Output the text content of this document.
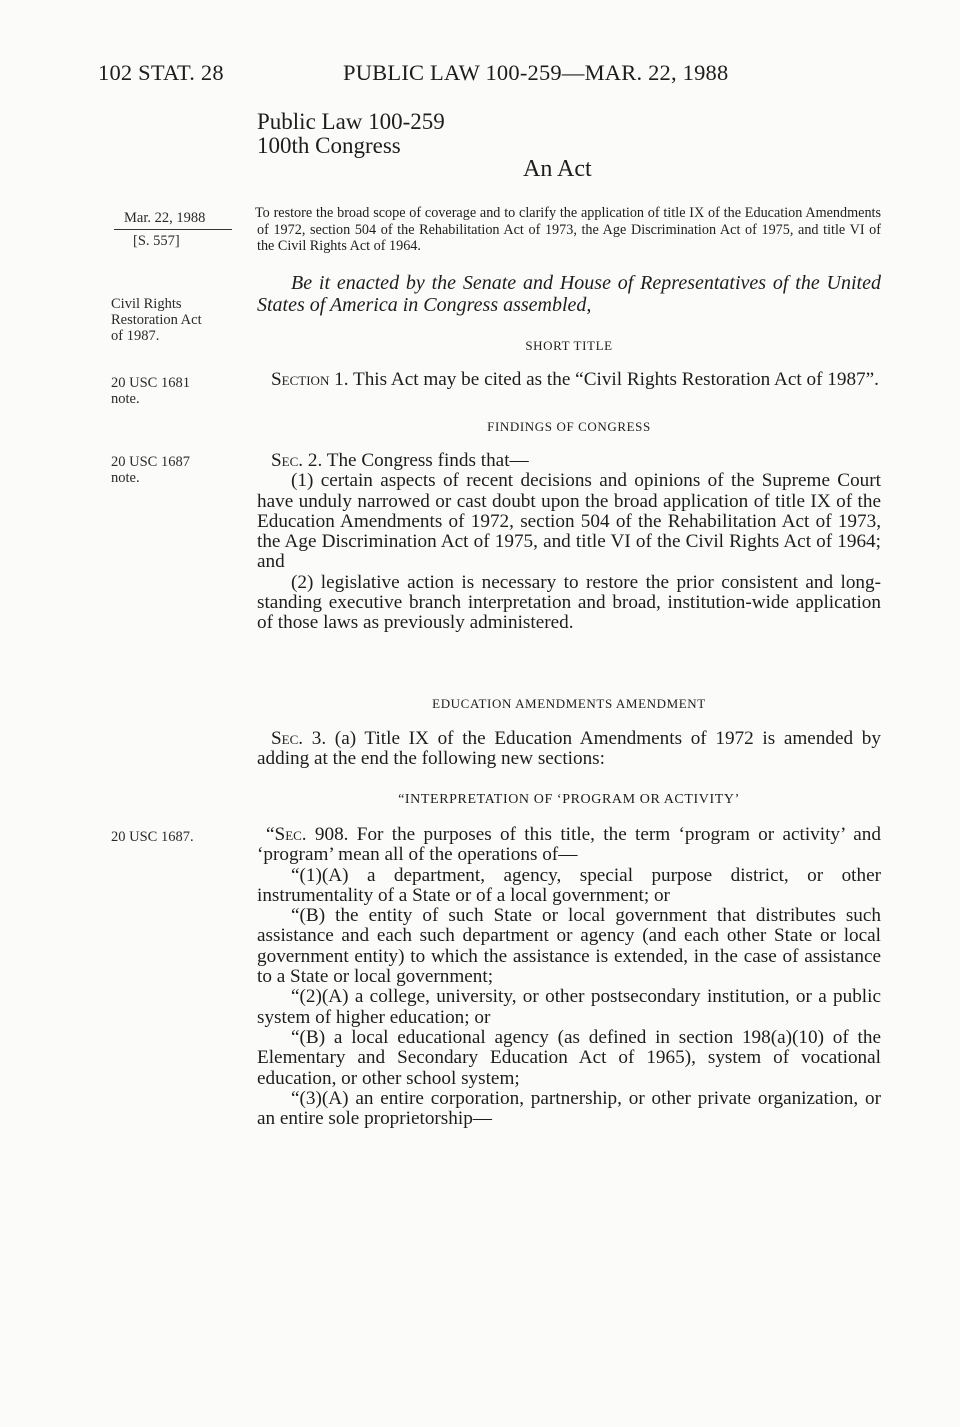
102 STAT. 28	PUBLIC LAW 100-259—MAR. 22, 1988
Public Law 100-259
100th Congress
An Act
Mar. 22, 1988
[S. 557]
To restore the broad scope of coverage and to clarify the application of title IX of the Education Amendments of 1972, section 504 of the Rehabilitation Act of 1973, the Age Discrimination Act of 1975, and title VI of the Civil Rights Act of 1964.
Civil Rights
Restoration Act
of 1987.

Be it enacted by the Senate and House of Representatives of the United States of America in Congress assembled,

SHORT TITLE
20 USC 1681
note.

Section 1. This Act may be cited as the “Civil Rights Restoration Act of 1987”.

FINDINGS OF CONGRESS
20 USC 1687
note.

Sec. 2. The Congress finds that—

(1) certain aspects of recent decisions and opinions of the Supreme Court have unduly narrowed or cast doubt upon the broad application of title IX of the Education Amendments of 1972, section 504 of the Rehabilitation Act of 1973, the Age Discrimination Act of 1975, and title VI of the Civil Rights Act of 1964; and

(2) legislative action is necessary to restore the prior consistent and long-standing executive branch interpretation and broad, institution-wide application of those laws as previously administered.

EDUCATION AMENDMENTS AMENDMENT

Sec. 3. (a) Title IX of the Education Amendments of 1972 is amended by adding at the end the following new sections:

“INTERPRETATION OF ‘PROGRAM OR ACTIVITY’
20 USC 1687.	“Sec. 908. For the purposes of this title, the term ‘program or activity’ and ‘program’ mean all of the operations of—

“(1)(A) a department, agency, special purpose district, or other instrumentality of a State or of a local government; or

“(B) the entity of such State or local government that distributes such assistance and each such department or agency (and each other State or local government entity) to which the assistance is extended, in the case of assistance to a State or local government;

“(2)(A) a college, university, or other postsecondary institution, or a public system of higher education; or

“(B) a local educational agency (as defined in section 198(a)(10) of the Elementary and Secondary Education Act of 1965), system of vocational education, or other school system;

“(3)(A) an entire corporation, partnership, or other private organization, or an entire sole proprietorship—
